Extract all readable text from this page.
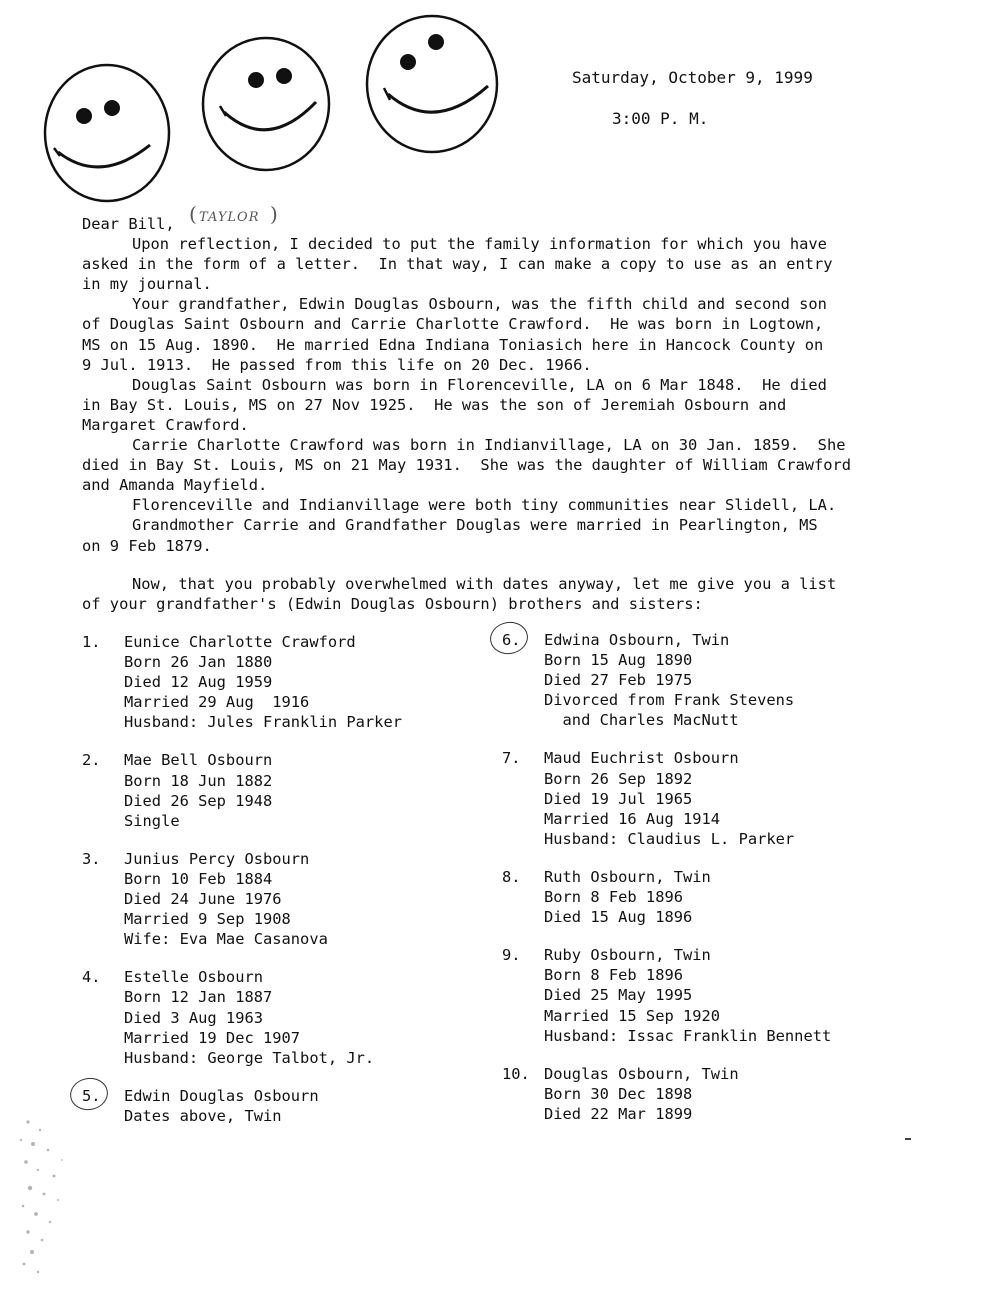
Saturday, October 9, 1999
3:00 P. M.
( TAYLOR )
Dear Bill,
Upon reflection, I decided to put the family information for which you have
asked in the form of a letter.  In that way, I can make a copy to use as an entry
in my journal.
Your grandfather, Edwin Douglas Osbourn, was the fifth child and second son
of Douglas Saint Osbourn and Carrie Charlotte Crawford.  He was born in Logtown,
MS on 15 Aug. 1890.  He married Edna Indiana Toniasich here in Hancock County on
9 Jul. 1913.  He passed from this life on 20 Dec. 1966.
Douglas Saint Osbourn was born in Florenceville, LA on 6 Mar 1848.  He died
in Bay St. Louis, MS on 27 Nov 1925.  He was the son of Jeremiah Osbourn and
Margaret Crawford.
Carrie Charlotte Crawford was born in Indianvillage, LA on 30 Jan. 1859.  She
died in Bay St. Louis, MS on 21 May 1931.  She was the daughter of William Crawford
and Amanda Mayfield.
Florenceville and Indianvillage were both tiny communities near Slidell, LA.
Grandmother Carrie and Grandfather Douglas were married in Pearlington, MS
on 9 Feb 1879.
Now, that you probably overwhelmed with dates anyway, let me give you a list
of your grandfather's (Edwin Douglas Osbourn) brothers and sisters:
1.	Eunice Charlotte Crawford
Born 26 Jan 1880
Died 12 Aug 1959
Married 29 Aug  1916
Husband: Jules Franklin Parker
2.	Mae Bell Osbourn
Born 18 Jun 1882
Died 26 Sep 1948
Single
3.	Junius Percy Osbourn
Born 10 Feb 1884
Died 24 June 1976
Married 9 Sep 1908
Wife: Eva Mae Casanova
4.	Estelle Osbourn
Born 12 Jan 1887
Died 3 Aug 1963
Married 19 Dec 1907
Husband: George Talbot, Jr.
5.	Edwin Douglas Osbourn
Dates above, Twin
6.	Edwina Osbourn, Twin
Born 15 Aug 1890
Died 27 Feb 1975
Divorced from Frank Stevens
and Charles MacNutt
7.	Maud Euchrist Osbourn
Born 26 Sep 1892
Died 19 Jul 1965
Married 16 Aug 1914
Husband: Claudius L. Parker
8.	Ruth Osbourn, Twin
Born 8 Feb 1896
Died 15 Aug 1896
9.	Ruby Osbourn, Twin
Born 8 Feb 1896
Died 25 May 1995
Married 15 Sep 1920
Husband: Issac Franklin Bennett
10. Douglas Osbourn, Twin
Born 30 Dec 1898
Died 22 Mar 1899
